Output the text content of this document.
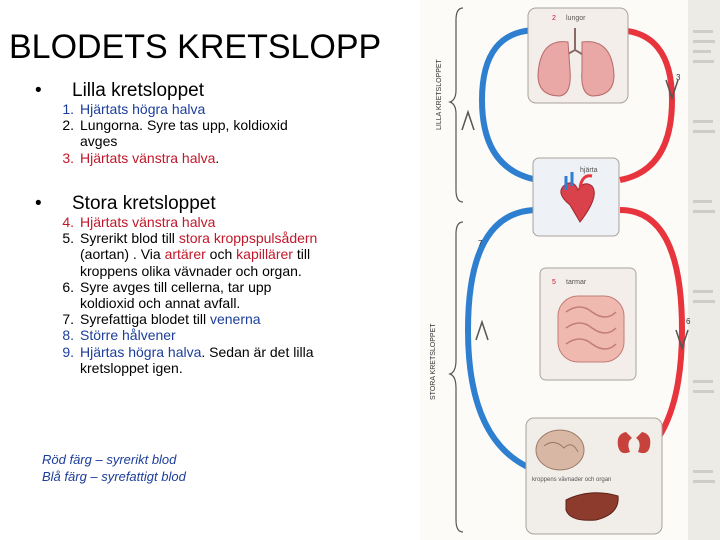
BLODETS KRETSLOPP
• Lilla kretsloppet
1. Hjärtats högra halva
2. Lungorna. Syre tas upp, koldioxid
avges
3. Hjärtats vänstra halva.
• Stora kretsloppet
4. Hjärtats vänstra halva
5. Syrerikt blod till stora kroppspulsådern
(aortan) . Via artärer och kapillärer till
kroppens olika vävnader och organ.
6. Syre avges till cellerna, tar upp
koldioxid och annat avfall.
7. Syrefattiga blodet till venerna
8. Större hålvener
9. Hjärtas högra halva. Sedan är det lilla
kretsloppet igen.
Röd färg – syrerikt blod
Blå färg – syrefattigt blod
LILLA KRETSLOPPET
STORA KRETSLOPPET
3
7
6
2 lungor
hjärta
5 tarmar
kroppens vävnader och organ
